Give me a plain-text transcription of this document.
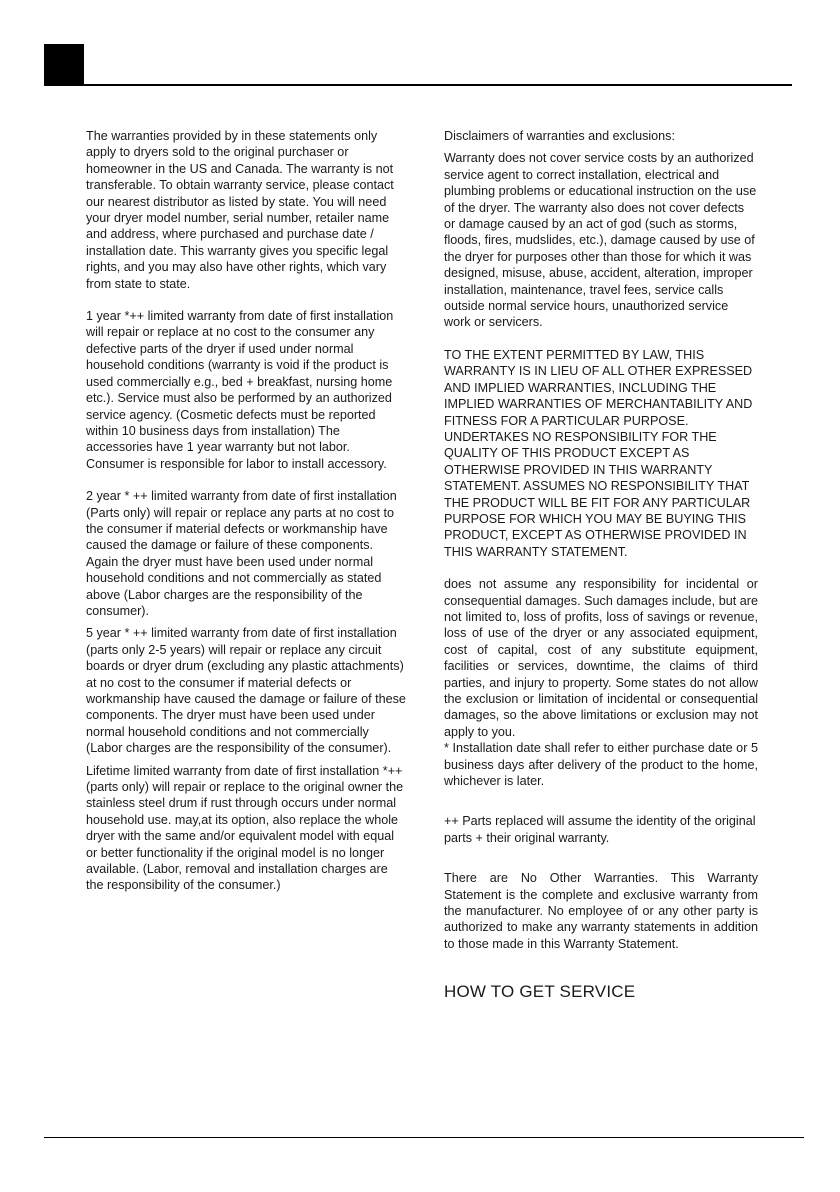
The warranties provided by in these statements only apply to dryers sold to the original purchaser or homeowner in the US and Canada. The warranty is not transferable. To obtain warranty service, please contact our nearest distributor as listed by state. You will need your dryer model number, serial number, retailer name and address, where purchased and purchase date / installation date. This warranty gives you specific legal rights, and you may also have other rights, which vary from state to state.

1 year *++ limited warranty from date of first installation will repair or replace at no cost to the consumer any defective parts of the dryer if used under normal household conditions (warranty is void if the product is used commercially e.g., bed + breakfast, nursing home etc.). Service must also be performed by an authorized service agency. (Cosmetic defects must be reported within 10 business days from installation) The accessories have 1 year warranty but not labor. Consumer is responsible for labor to install accessory.

2 year * ++ limited warranty from date of first installation (Parts only) will repair or replace any parts at no cost to the consumer if material defects or workmanship have caused the damage or failure of these components. Again the dryer must have been used under normal household conditions and not commercially as stated above (Labor charges are the responsibility of the consumer).

5 year * ++ limited warranty from date of first installation (parts only 2-5 years) will repair or replace any circuit boards or dryer drum (excluding any plastic attachments) at no cost to the consumer if material defects or workmanship have caused the damage or failure of these components. The dryer must have been used under normal household conditions and not commercially (Labor charges are the responsibility of the consumer).

Lifetime limited warranty from date of first installation *++ (parts only) will repair or replace to the original owner the stainless steel drum if rust through occurs under normal household use. may,at its option, also replace the whole dryer with the same and/or equivalent model with equal or better functionality if the original model is no longer available. (Labor, removal and installation charges are the responsibility of the consumer.)

Disclaimers of warranties and exclusions:

Warranty does not cover service costs by an authorized service agent to correct installation, electrical and plumbing problems or educational instruction on the use of the dryer. The warranty also does not cover defects or damage caused by an act of god (such as storms, floods, fires, mudslides, etc.), damage caused by use of the dryer for purposes other than those for which it was designed, misuse, abuse, accident, alteration, improper installation, maintenance, travel fees, service calls outside normal service hours, unauthorized service work or servicers.

TO THE EXTENT PERMITTED BY LAW, THIS WARRANTY IS IN LIEU OF ALL OTHER EXPRESSED AND IMPLIED WARRANTIES, INCLUDING THE IMPLIED WARRANTIES OF MERCHANTABILITY AND FITNESS FOR A PARTICULAR PURPOSE. UNDERTAKES NO RESPONSIBILITY FOR THE QUALITY OF THIS PRODUCT EXCEPT AS OTHERWISE PROVIDED IN THIS WARRANTY STATEMENT. ASSUMES NO RESPONSIBILITY THAT THE PRODUCT WILL BE FIT FOR ANY PARTICULAR PURPOSE FOR WHICH YOU MAY BE BUYING THIS PRODUCT, EXCEPT AS OTHERWISE PROVIDED IN THIS WARRANTY STATEMENT.

does not assume any responsibility for incidental or consequential damages. Such damages include, but are not limited to, loss of profits, loss of savings or revenue, loss of use of the dryer or any associated equipment, cost of capital, cost of any substitute equipment, facilities or services, downtime, the claims of third parties, and injury to property. Some states do not allow the exclusion or limitation of incidental or consequential damages, so the above limitations or exclusion may not apply to you.

* Installation date shall refer to either purchase date or 5 business days after delivery of the product to the home, whichever is later.

++ Parts replaced will assume the identity of the original parts + their original warranty.

There are No Other Warranties. This Warranty Statement is the complete and exclusive warranty from the manufacturer. No employee of or any other party is authorized to make any warranty statements in addition to those made in this Warranty Statement.

HOW TO GET SERVICE
